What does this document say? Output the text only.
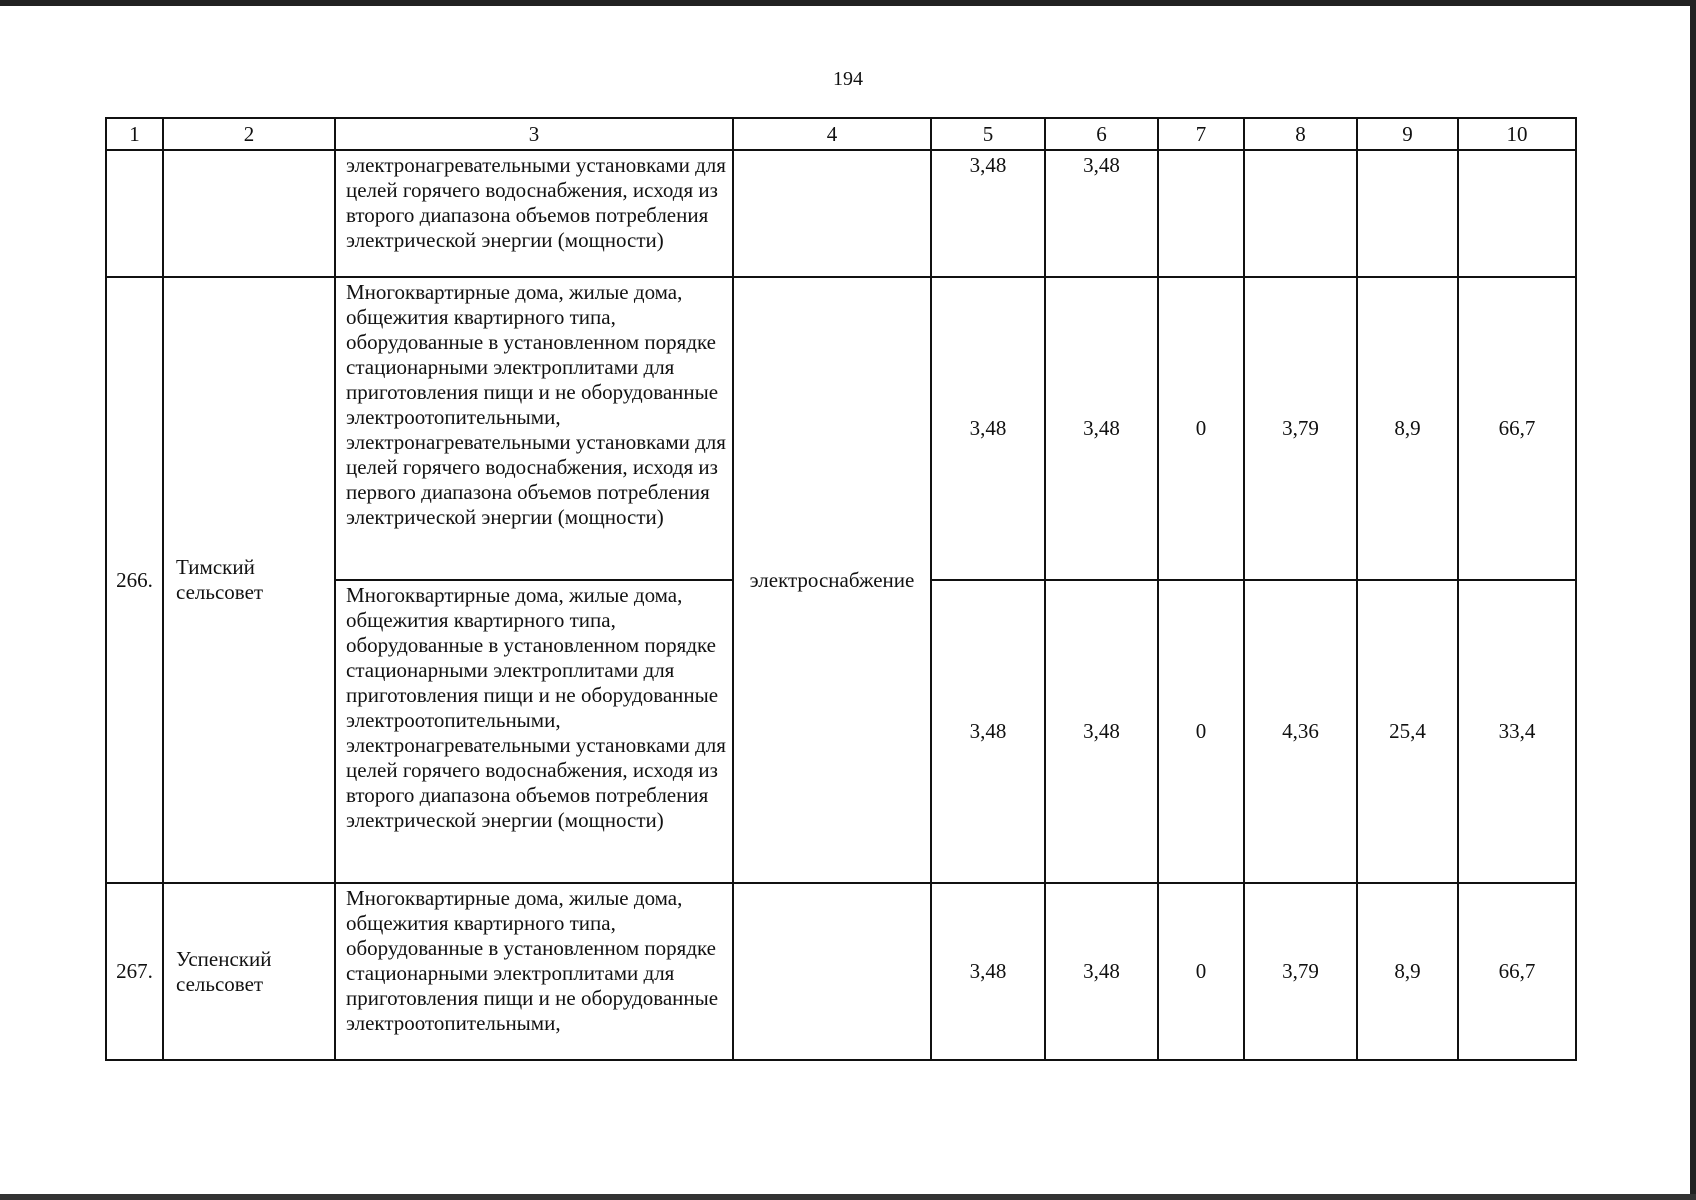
194
1	2	3	4	5	6	7	8	9	10
		электронагревательными установками для целей горячего водоснабжения, исходя из второго диапазона объемов потребления электрической энергии (мощности)		3,48	3,48				
266.	Тимский сельсовет	Многоквартирные дома, жилые дома, общежития квартирного типа, оборудованные в установленном порядке стационарными электроплитами для приготовления пищи и не оборудованные электроотопительными, электронагревательными установками для целей горячего водоснабжения, исходя из первого диапазона объемов потребления электрической энергии (мощности)	электроснабжение	3,48	3,48	0	3,79	8,9	66,7
		Многоквартирные дома, жилые дома, общежития квартирного типа, оборудованные в установленном порядке стационарными электроплитами для приготовления пищи и не оборудованные электроотопительными, электронагревательными установками для целей горячего водоснабжения, исходя из второго диапазона объемов потребления электрической энергии (мощности)		3,48	3,48	0	4,36	25,4	33,4
267.	Успенский сельсовет	Многоквартирные дома, жилые дома, общежития квартирного типа, оборудованные в установленном порядке стационарными электроплитами для приготовления пищи и не оборудованные электроотопительными,		3,48	3,48	0	3,79	8,9	66,7
